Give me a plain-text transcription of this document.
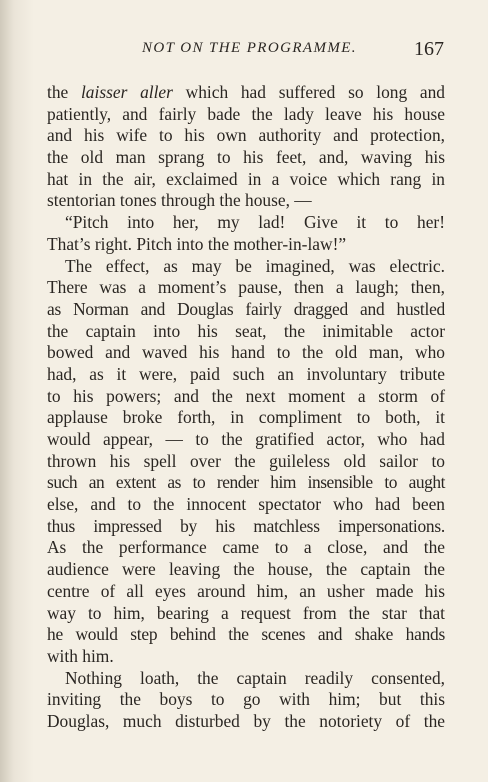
NOT ON THE PROGRAMME.	167
the laisser aller which had suffered so long and
patiently, and fairly bade the lady leave his house
and his wife to his own authority and protection,
the old man sprang to his feet, and, waving his
hat in the air, exclaimed in a voice which rang in
stentorian tones through the house, —
“Pitch into her, my lad! Give it to her!
That’s right. Pitch into the mother-in-law!”
The effect, as may be imagined, was electric.
There was a moment’s pause, then a laugh; then,
as Norman and Douglas fairly dragged and hustled
the captain into his seat, the inimitable actor
bowed and waved his hand to the old man, who
had, as it were, paid such an involuntary tribute
to his powers; and the next moment a storm of
applause broke forth, in compliment to both, it
would appear, — to the gratified actor, who had
thrown his spell over the guileless old sailor to
such an extent as to render him insensible to aught
else, and to the innocent spectator who had been
thus impressed by his matchless impersonations.
As the performance came to a close, and the
audience were leaving the house, the captain the
centre of all eyes around him, an usher made his
way to him, bearing a request from the star that
he would step behind the scenes and shake hands
with him.
Nothing loath, the captain readily consented,
inviting the boys to go with him; but this
Douglas, much disturbed by the notoriety of the
